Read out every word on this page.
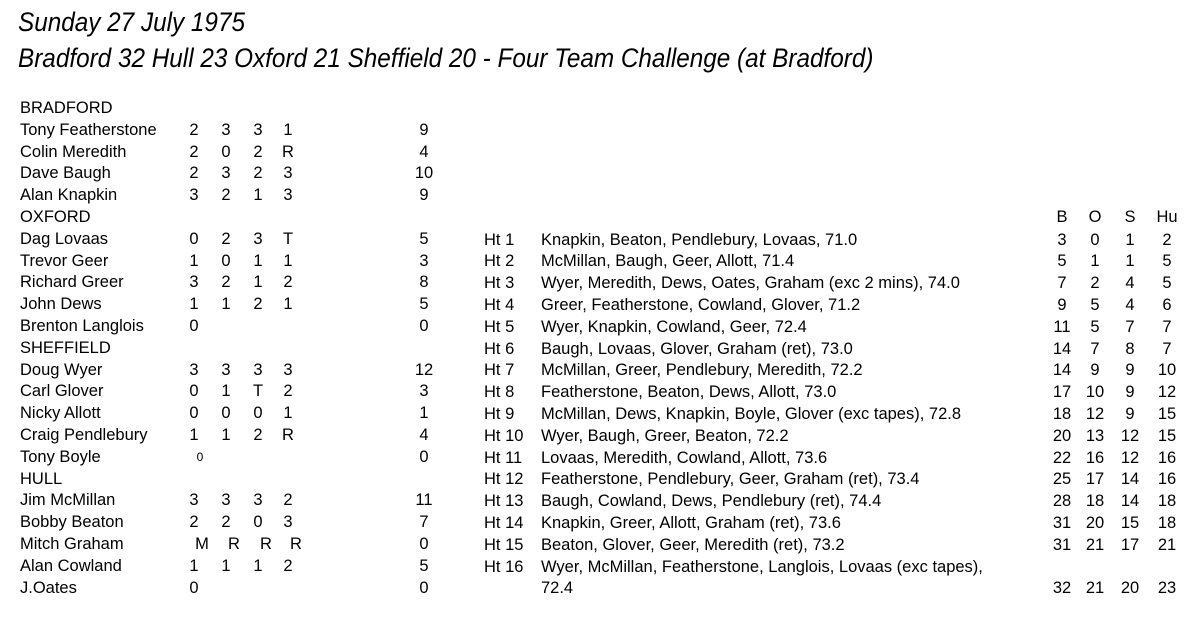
Sunday 27 July 1975
Bradford 32 Hull 23 Oxford 21 Sheffield 20 - Four Team Challenge (at Bradford)
BRADFORD
Tony Featherstone	2	3	3	1	9
Colin Meredith	2	0	2	R	4
Dave Baugh	2	3	2	3	10
Alan Knapkin	3	2	1	3	9
OXFORD
Dag Lovaas	0	2	3	T	5
Trevor Geer	1	0	1	1	3
Richard Greer	3	2	1	2	8
John Dews	1	1	2	1	5
Brenton Langlois	0	0
SHEFFIELD
Doug Wyer	3	3	3	3	12
Carl Glover	0	1	T	2	3
Nicky Allott	0	0	0	1	1
Craig Pendlebury	1	1	2	R	4
Tony Boyle	0	0
HULL
Jim McMillan	3	3	3	2	11
Bobby Beaton	2	2	0	3	7
Mitch Graham	M	R	R	R	0
Alan Cowland	1	1	1	2	5
J.Oates	0	0
B	O	S	Hu
Ht 1 Knapkin, Beaton, Pendlebury, Lovaas, 71.0	3	0	1	2
Ht 2 McMillan, Baugh, Geer, Allott, 71.4	5	1	1	5
Ht 3 Wyer, Meredith, Dews, Oates, Graham (exc 2 mins), 74.0	7	2	4	5
Ht 4 Greer, Featherstone, Cowland, Glover, 71.2	9	5	4	6
Ht 5 Wyer, Knapkin, Cowland, Geer, 72.4	11	5	7	7
Ht 6 Baugh, Lovaas, Glover, Graham (ret), 73.0	14	7	8	7
Ht 7 McMillan, Greer, Pendlebury, Meredith, 72.2	14	9	9	10
Ht 8 Featherstone, Beaton, Dews, Allott, 73.0	17 10	9	12
Ht 9 McMillan, Dews, Knapkin, Boyle, Glover (exc tapes), 72.8	18 12	9	15
Ht 10 Wyer, Baugh, Greer, Beaton, 72.2	20 13	12	15
Ht 11 Lovaas, Meredith, Cowland, Allott, 73.6	22 16	12	16
Ht 12 Featherstone, Pendlebury, Geer, Graham (ret), 73.4	25 17	14	16
Ht 13 Baugh, Cowland, Dews, Pendlebury (ret), 74.4	28 18	14	18
Ht 14 Knapkin, Greer, Allott, Graham (ret), 73.6	31 20	15	18
Ht 15 Beaton, Glover, Geer, Meredith (ret), 73.2	31 21	17	21
Ht 16 Wyer, McMillan, Featherstone, Langlois, Lovaas (exc tapes),
72.4	32 21	20	23
